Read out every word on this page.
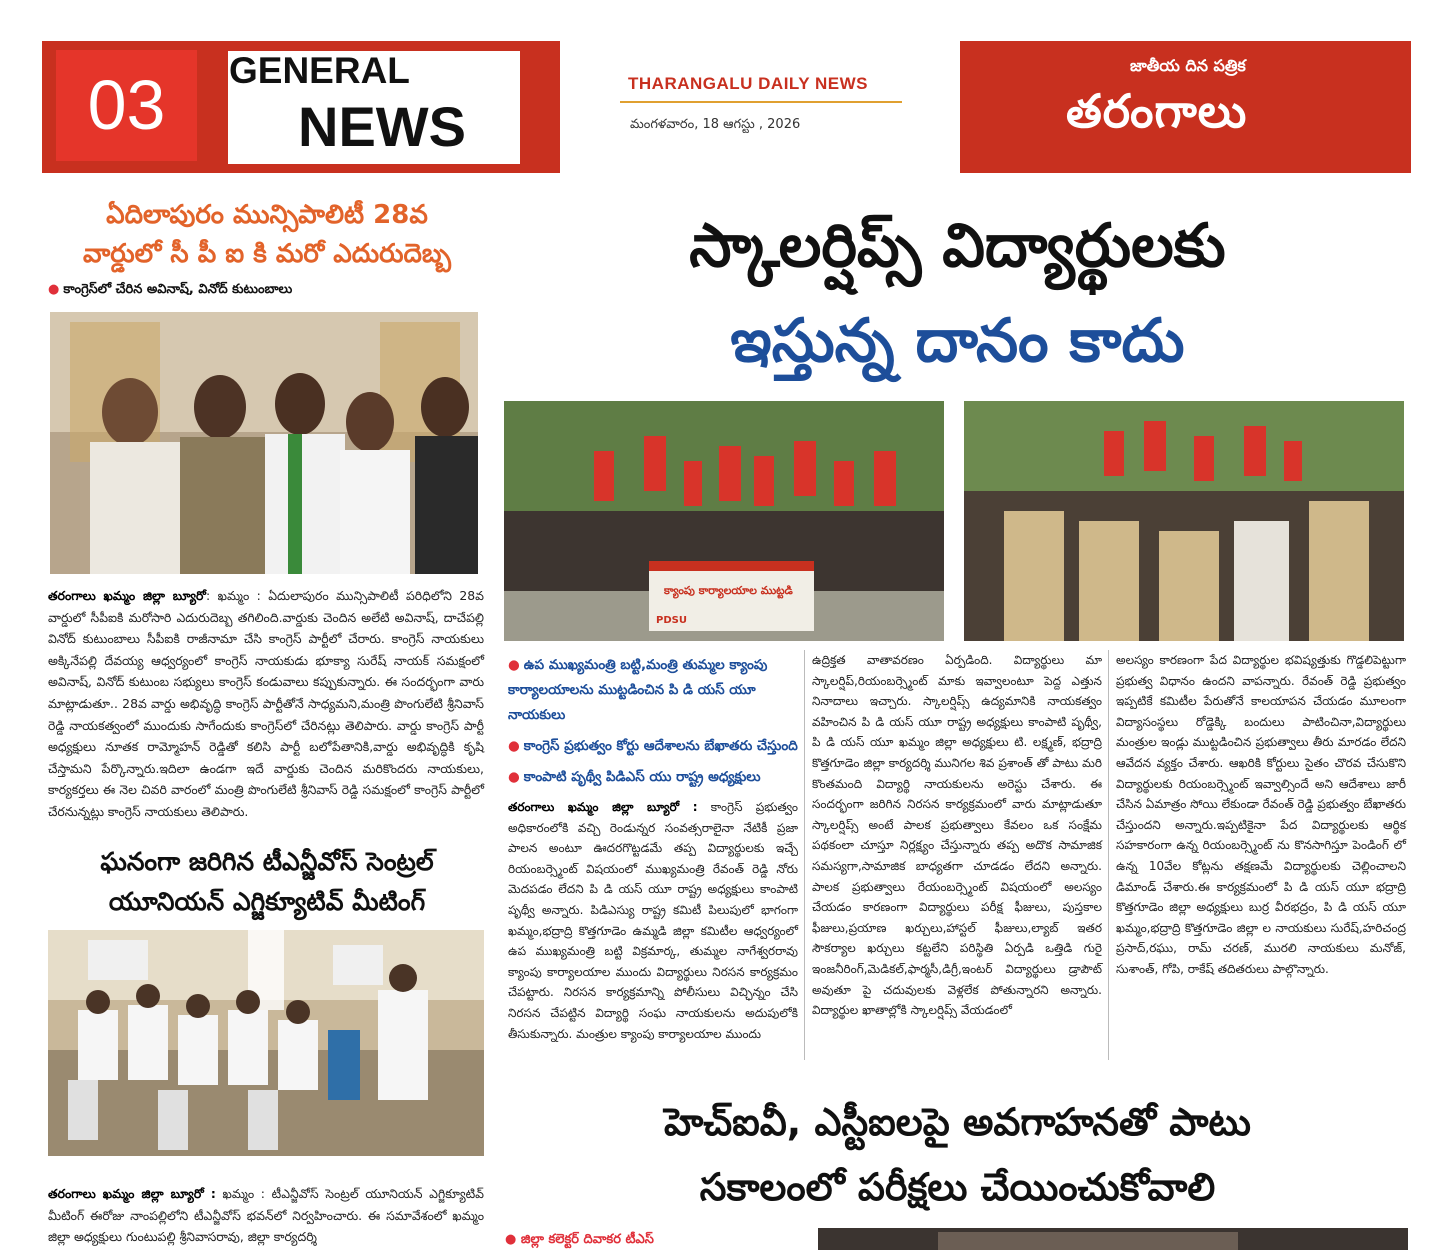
03	GENERAL
NEWS
THARANGALU DAILY NEWS
మంగళవారం, 18 ఆగస్టు , 2026
జాతీయ దిన పత్రిక
తరంగాలు
ఏదిలాపురం మున్సిపాలిటీ 28వ
వార్డులో సీ పీ ఐ కి మరో ఎదురుదెబ్బ
● కాంగ్రెస్‌లో చేరిన అవినాష్, వినోద్ కుటుంబాలు
తరంగాలు ఖమ్మం జిల్లా బ్యూరో: ఖమ్మం : ఏదులాపురం మున్సిపాలిటీ పరిధిలోని 28వ వార్డులో సీపీఐకి మరోసారి ఎదురుదెబ్బ తగిలింది.వార్డుకు చెందిన అలేటి అవినాష్, దాచేపల్లి వినోద్ కుటుంబాలు సీపీఐకి రాజీనామా చేసి కాంగ్రెస్ పార్టీలో చేరారు. కాంగ్రెస్ నాయకులు అక్కినేపల్లి దేవయ్య ఆధ్వర్యంలో కాంగ్రెస్ నాయకుడు భూక్యా సురేష్ నాయక్ సమక్షంలో అవినాష్, వినోద్ కుటుంబ సభ్యులు కాంగ్రెస్ కండువాలు కప్పుకున్నారు. ఈ సందర్భంగా వారు మాట్లాడుతూ.. 28వ వార్డు అభివృద్ధి కాంగ్రెస్ పార్టీతోనే సాధ్యమని,మంత్రి పొంగులేటి శ్రీనివాస్ రెడ్డి నాయకత్వంలో ముందుకు సాగేందుకు కాంగ్రెస్‌లో చేరినట్లు తెలిపారు. వార్డు కాంగ్రెస్ పార్టీ అధ్యక్షులు నూతక రామ్మోహన్ రెడ్డితో కలిసి పార్టీ బలోపేతానికి,వార్డు అభివృద్ధికి కృషి చేస్తామని పేర్కొన్నారు.ఇదిలా ఉండగా ఇదే వార్డుకు చెందిన మరికొందరు నాయకులు, కార్యకర్తలు ఈ నెల చివరి వారంలో మంత్రి పొంగులేటి శ్రీనివాస్ రెడ్డి సమక్షంలో కాంగ్రెస్ పార్టీలో చేరనున్నట్లు కాంగ్రెస్ నాయకులు తెలిపారు.
ఘనంగా జరిగిన టీఎన్జీవోస్ సెంట్రల్
యూనియన్ ఎగ్జిక్యూటివ్ మీటింగ్
తరంగాలు ఖమ్మం జిల్లా బ్యూరో : ఖమ్మం : టీఎన్జీవోస్ సెంట్రల్ యూనియన్ ఎగ్జిక్యూటివ్ మీటింగ్ ఈరోజు నాంపల్లిలోని టీఎన్జీవోస్ భవన్‌లో నిర్వహించారు. ఈ సమావేశంలో ఖమ్మం జిల్లా అధ్యక్షులు గుంటుపల్లి శ్రీనివాసరావు, జిల్లా కార్యదర్శి
స్కాలర్షిప్స్ విద్యార్థులకు
ఇస్తున్న దానం కాదు
క్యాంపు కార్యాలయాల ముట్టడి
PDSU
● ఉప ముఖ్యమంత్రి బట్టి,మంత్రి తుమ్మల క్యాంపు కార్యాలయాలను ముట్టడించిన పి డి యస్ యూ నాయకులు
● కాంగ్రెస్ ప్రభుత్వం కోర్టు ఆదేశాలను బేఖాతరు చేస్తుంది
● కాంపాటి పృథ్వీ పిడిఎస్ యు రాష్ట్ర అధ్యక్షులు
తరంగాలు ఖమ్మం జిల్లా బ్యూరో : కాంగ్రెస్ ప్రభుత్వం అధికారంలోకి వచ్చి రెండున్నర సంవత్సరాలైనా నేటికీ ప్రజా పాలన అంటూ ఊదరగొట్టడమే తప్ప విద్యార్థులకు ఇచ్చే రియంబర్స్మెంట్ విషయంలో ముఖ్యమంత్రి రేవంత్ రెడ్డి నోరు మెదపడం లేదని పి డి యస్ యూ రాష్ట్ర అధ్యక్షులు కాంపాటి పృథ్వీ అన్నారు. పిడిఎస్యు రాష్ట్ర కమిటీ పిలుపులో భాగంగా ఖమ్మం,భద్రాద్రి కొత్తగూడెం ఉమ్మడి జిల్లా కమిటీల ఆధ్వర్యంలో ఉప ముఖ్యమంత్రి బట్టి విక్రమార్క, తుమ్మల నాగేశ్వరరావు క్యాంపు కార్యాలయాల ముందు విద్యార్థులు నిరసన కార్యక్రమం చేపట్టారు. నిరసన కార్యక్రమాన్ని పోలీసులు విచ్ఛిన్నం చేసి నిరసన చేపట్టిన విద్యార్థి సంఘ నాయకులను అదుపులోకి తీసుకున్నారు. మంత్రుల క్యాంపు కార్యాలయాల ముందు
ఉద్రిక్తత వాతావరణం ఏర్పడింది. విద్యార్థులు మా స్కాలర్షిప్,రియంబర్స్మెంట్ మాకు ఇవ్వాలంటూ పెద్ద ఎత్తున నినాదాలు ఇచ్చారు. స్కాలర్షిప్స్ ఉద్యమానికి నాయకత్వం వహించిన పి డి యస్ యూ రాష్ట్ర అధ్యక్షులు కాంపాటి పృథ్వీ, పి డి యస్ యూ ఖమ్మం జిల్లా అధ్యక్షులు టి. లక్ష్మణ్, భద్రాద్రి కొత్తగూడెం జిల్లా కార్యదర్శి మునిగల శివ ప్రశాంత్ తో పాటు మరి కొంతమంది విద్యార్థి నాయకులను అరెస్టు చేశారు. ఈ సందర్భంగా జరిగిన నిరసన కార్యక్రమంలో వారు మాట్లాడుతూ స్కాలర్షిప్స్ అంటే పాలక ప్రభుత్వాలు కేవలం ఒక సంక్షేమ పథకంలా చూస్తూ నిర్లక్ష్యం చేస్తున్నారు తప్ప అదొక సామాజిక సమస్యగా,సామాజిక బాధ్యతగా చూడడం లేదని అన్నారు. పాలక ప్రభుత్వాలు రేయంబర్స్మెంట్ విషయంలో అలస్యం చేయడం కారణంగా విద్యార్థులు పరీక్ష ఫీజులు, పుస్తకాల ఫీజులు,ప్రయాణ ఖర్చులు,హాస్టల్ ఫీజులు,ల్యాబ్ ఇతర సౌకర్యాల ఖర్చులు కట్టలేని పరిస్థితి ఏర్పడి ఒత్తిడి గురై ఇంజనీరింగ్,మెడికల్,ఫార్మసీ,డిగ్రీ,ఇంటర్ విద్యార్థులు డ్రాపౌట్ అవుతూ పై చదువులకు వెళ్లలేక పోతున్నారని అన్నారు. విద్యార్థుల ఖాతాల్లోకి స్కాలర్షిప్స్ వేయడంలో
అలస్యం కారణంగా పేద విద్యార్థుల భవిష్యత్తుకు గొడ్డలిపెట్టుగా ప్రభుత్వ విధానం ఉందని వాపన్నారు. రేవంత్ రెడ్డి ప్రభుత్వం ఇప్పటికే కమిటీల పేరుతోనే కాలయాపన చేయడం మూలంగా విద్యాసంస్థలు రోడ్డెక్కి బందులు పాటించినా,విద్యార్థులు మంత్రుల ఇండ్లు ముట్టడించిన ప్రభుత్వాలు తీరు మారడం లేదని ఆవేదన వ్యక్తం చేశారు. ఆఖరికి కోర్టులు సైతం చొరవ చేసుకొని విద్యార్థులకు రియంబర్స్మెంట్ ఇవ్వాల్సిందే అని ఆదేశాలు జారీ చేసిన ఏమాత్రం సోయి లేకుండా రేవంత్ రెడ్డి ప్రభుత్వం బేఖాతరు చేస్తుందని అన్నారు.ఇప్పటికైనా పేద విద్యార్థులకు ఆర్థిక సహకారంగా ఉన్న రియంబర్స్మెంట్ ను కొనసాగిస్తూ పెండింగ్ లో ఉన్న 10వేల కోట్లను తక్షణమే విద్యార్థులకు చెల్లించాలని డిమాండ్ చేశారు.ఈ కార్యక్రమంలో పి డి యస్ యూ భద్రాద్రి కొత్తగూడెం జిల్లా అధ్యక్షులు బుర్ర వీరభద్రం, పి డి యస్ యూ ఖమ్మం,భద్రాద్రి కొత్తగూడెం జిల్లా ల నాయకులు సురేష్,హరిచంద్ర ప్రసాద్,రఘు, రామ్ చరణ్, మురలి నాయకులు మనోజ్, సుశాంత్, గోపి, రాకేష్ తదితరులు పాల్గొన్నారు.
హెచ్ఐవీ, ఎస్టీఐలపై అవగాహనతో పాటు
సకాలంలో పరీక్షలు చేయించుకోవాలి
● జిల్లా కలెక్టర్ దివాకర టీఎస్
